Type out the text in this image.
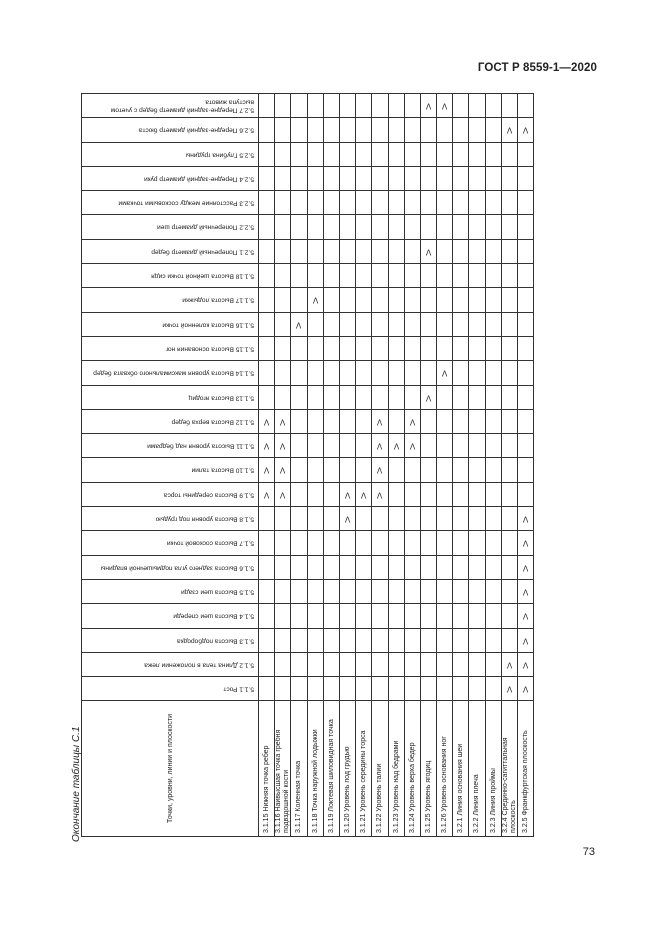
ГОСТ Р 8559-1—2020
Окончание таблицы С.1
5.2.7 Передне-задний диаметр бедер с учетом выступа живота											V	V					

5.2.6 Передне-задний диаметр бюста																V	V

5.2.5 Глубина грудины																	

5.2.4 Передне-задний диаметр руки																	

5.2.3 Расстояние между сосковыми точками																	

5.2.2 Поперечный диаметр шеи																	

5.2.1 Поперечный диаметр бедер											V						

5.1.18 Высота шейной точки сидя																	

5.1.17 Высота лодыжки				V													

5.1.16 Высота коленной точки			V														

5.1.15 Высота основания ног																	

5.1.14 Высота уровня максимального обхвата бедер												V					

5.1.13 Высота ягодиц											V						

5.1.12 Высота верха бедер	V	V						V		V							

5.1.11 Высота уровня над бедрами	V	V						V	V	V							

5.1.10 Высота талии	V	V						V									

5.1.9 Высота середины торса	V	V				V	V	V									

5.1.8 Высота уровня под грудью						V											V

5.1.7 Высота сосковой точки																	V

5.1.6 Высота заднего угла подмышечной впадины																	V

5.1.5 Высота шеи сзади																	V

5.1.4 Высота шеи спереди																	V

5.1.3 Высота подбородка																	V

5.1.2 Длина тела в положении лежа																V	V

5.1.1 Рост																V	V

Точки, уровни, линии и плоскости	3.1.15 Нижняя точка ребер	3.1.16 Наивысшая точка гребня подвздошной кости	3.1.17 Коленная точка	3.1.18 Точка наружной лодыжки	3.1.19 Локтевая шиловидная точка	3.1.20 Уровень под грудью	3.1.21 Уровень середины торса	3.1.22 Уровень талии	3.1.23 Уровень над бедрами	3.1.24 Уровень верха бедер	3.1.25 Уровень ягодиц	3.1.26 Уровень основания ног	3.2.1 Линия основания шеи	3.2.2 Линия плеча	3.2.3 Линия проймы	3.2.4 Срединно-сагиттальная плоскость	3.2.5 Франкфуртская плоскость
73
